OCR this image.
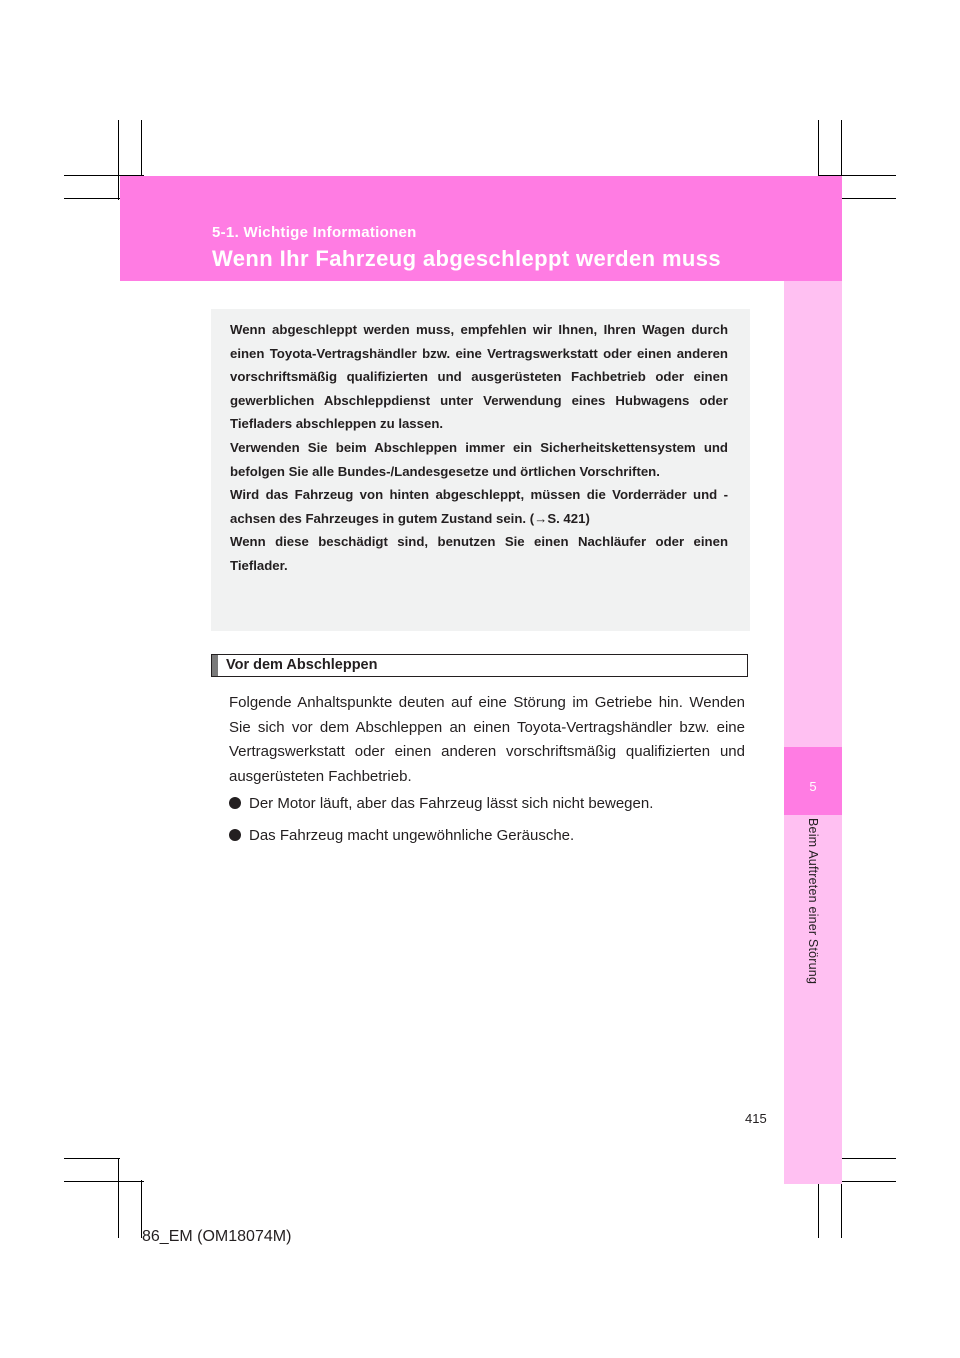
5-1. Wichtige Informationen
Wenn Ihr Fahrzeug abgeschleppt werden muss
5
Beim Auftreten einer Störung

Wenn abgeschleppt werden muss, empfehlen wir Ihnen, Ihren Wagen durch einen Toyota-Vertragshändler bzw. eine Vertragswerkstatt oder einen anderen vorschriftsmäßig qualifizierten und ausgerüsteten Fachbetrieb oder einen gewerblichen Abschleppdienst unter Verwendung eines Hubwagens oder Tiefladers abschleppen zu lassen.

Verwenden Sie beim Abschleppen immer ein Sicherheitskettensystem und befolgen Sie alle Bundes-/Landesgesetze und örtlichen Vorschriften.

Wird das Fahrzeug von hinten abgeschleppt, müssen die Vorderräder und -achsen des Fahrzeuges in gutem Zustand sein. (→S. 421)

Wenn diese beschädigt sind, benutzen Sie einen Nachläufer oder einen Tieflader.

Vor dem Abschleppen
Folgende Anhaltspunkte deuten auf eine Störung im Getriebe hin. Wenden Sie sich vor dem Abschleppen an einen Toyota-Vertragshändler bzw. eine Vertragswerkstatt oder einen anderen vorschriftsmäßig qualifizierten und ausgerüsteten Fachbetrieb.
Der Motor läuft, aber das Fahrzeug lässt sich nicht bewegen.
Das Fahrzeug macht ungewöhnliche Geräusche.
415
86_EM (OM18074M)
